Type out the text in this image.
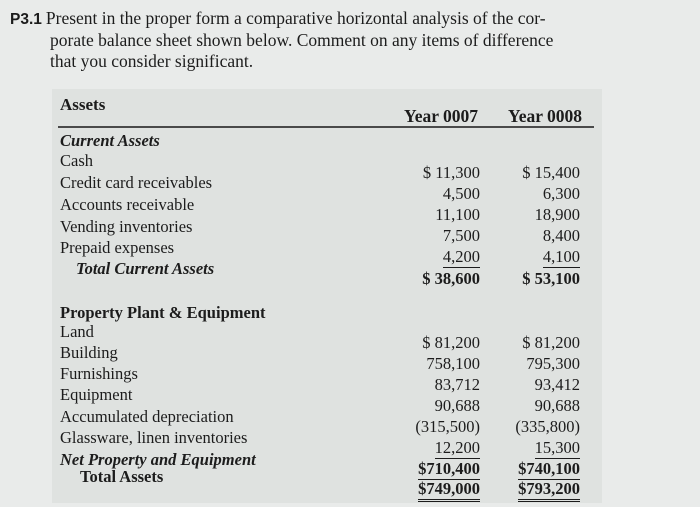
P3.1 Present in the proper form a comparative horizontal analysis of the cor-
porate balance sheet shown below. Comment on any items of difference
that you consider significant.
Assets
Year 0007 Year 0008
Current Assets
Cash
$ 11,300	$ 15,400
Credit card receivables
4,500	6,300
Accounts receivable
11,100	18,900
Vending inventories	7,500	8,400
Prepaid expenses	4,200	4,100
Total Current Assets
$ 38,600	$ 53,100
Property Plant & Equipment
Land
$ 81,200	$ 81,200
Building
758,100	795,300
Furnishings
83,712	93,412
Equipment
90,688	90,688
Accumulated depreciation
(315,500) (335,800)
Glassware, linen inventories
12,200	15,300
Net Property and Equipment	$710,400 $740,100
Total Assets
$749,000 $793,200
